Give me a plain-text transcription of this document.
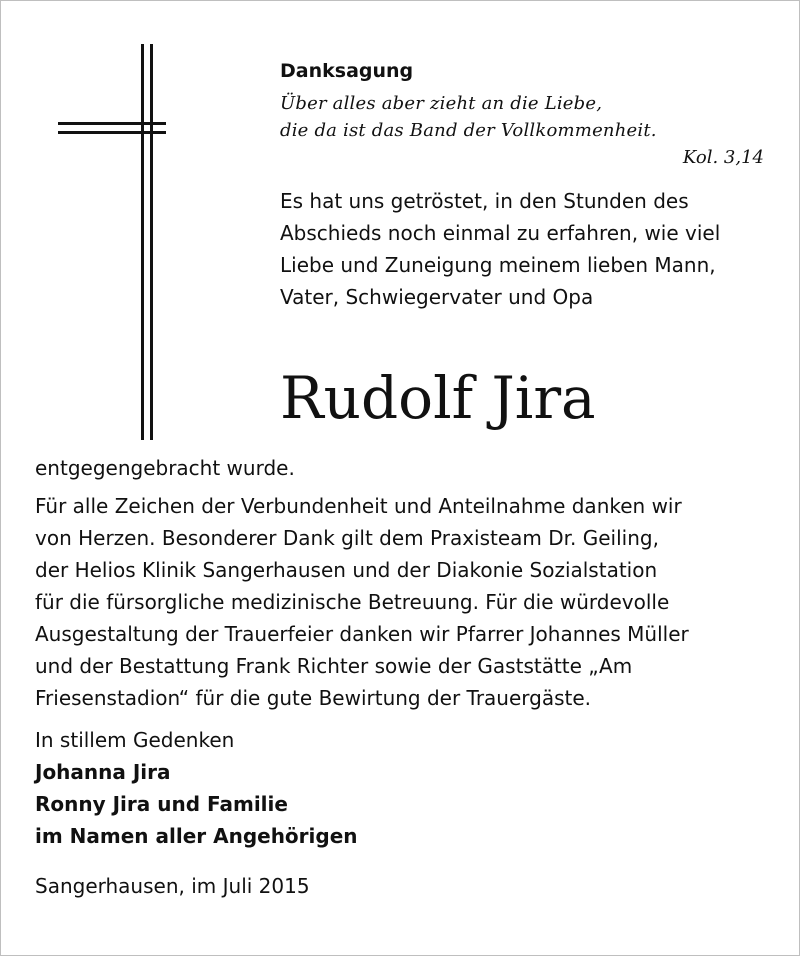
Danksagung
Über alles aber zieht an die Liebe,
die da ist das Band der Vollkommenheit.
Kol. 3,14
Es hat uns getröstet, in den Stunden des
Abschieds noch einmal zu erfahren, wie viel
Liebe und Zuneigung meinem lieben Mann,
Vater, Schwiegervater und Opa
Rudolf Jira
entgegengebracht wurde.
Für alle Zeichen der Verbundenheit und Anteilnahme danken wir
von Herzen. Besonderer Dank gilt dem Praxisteam Dr. Geiling,
der Helios Klinik Sangerhausen und der Diakonie Sozialstation
für die fürsorgliche medizinische Betreuung. Für die würdevolle
Ausgestaltung der Trauerfeier danken wir Pfarrer Johannes Müller
und der Bestattung Frank Richter sowie der Gaststätte „Am
Friesenstadion“ für die gute Bewirtung der Trauergäste.
In stillem Gedenken
Johanna Jira
Ronny Jira und Familie
im Namen aller Angehörigen
Sangerhausen, im Juli 2015
